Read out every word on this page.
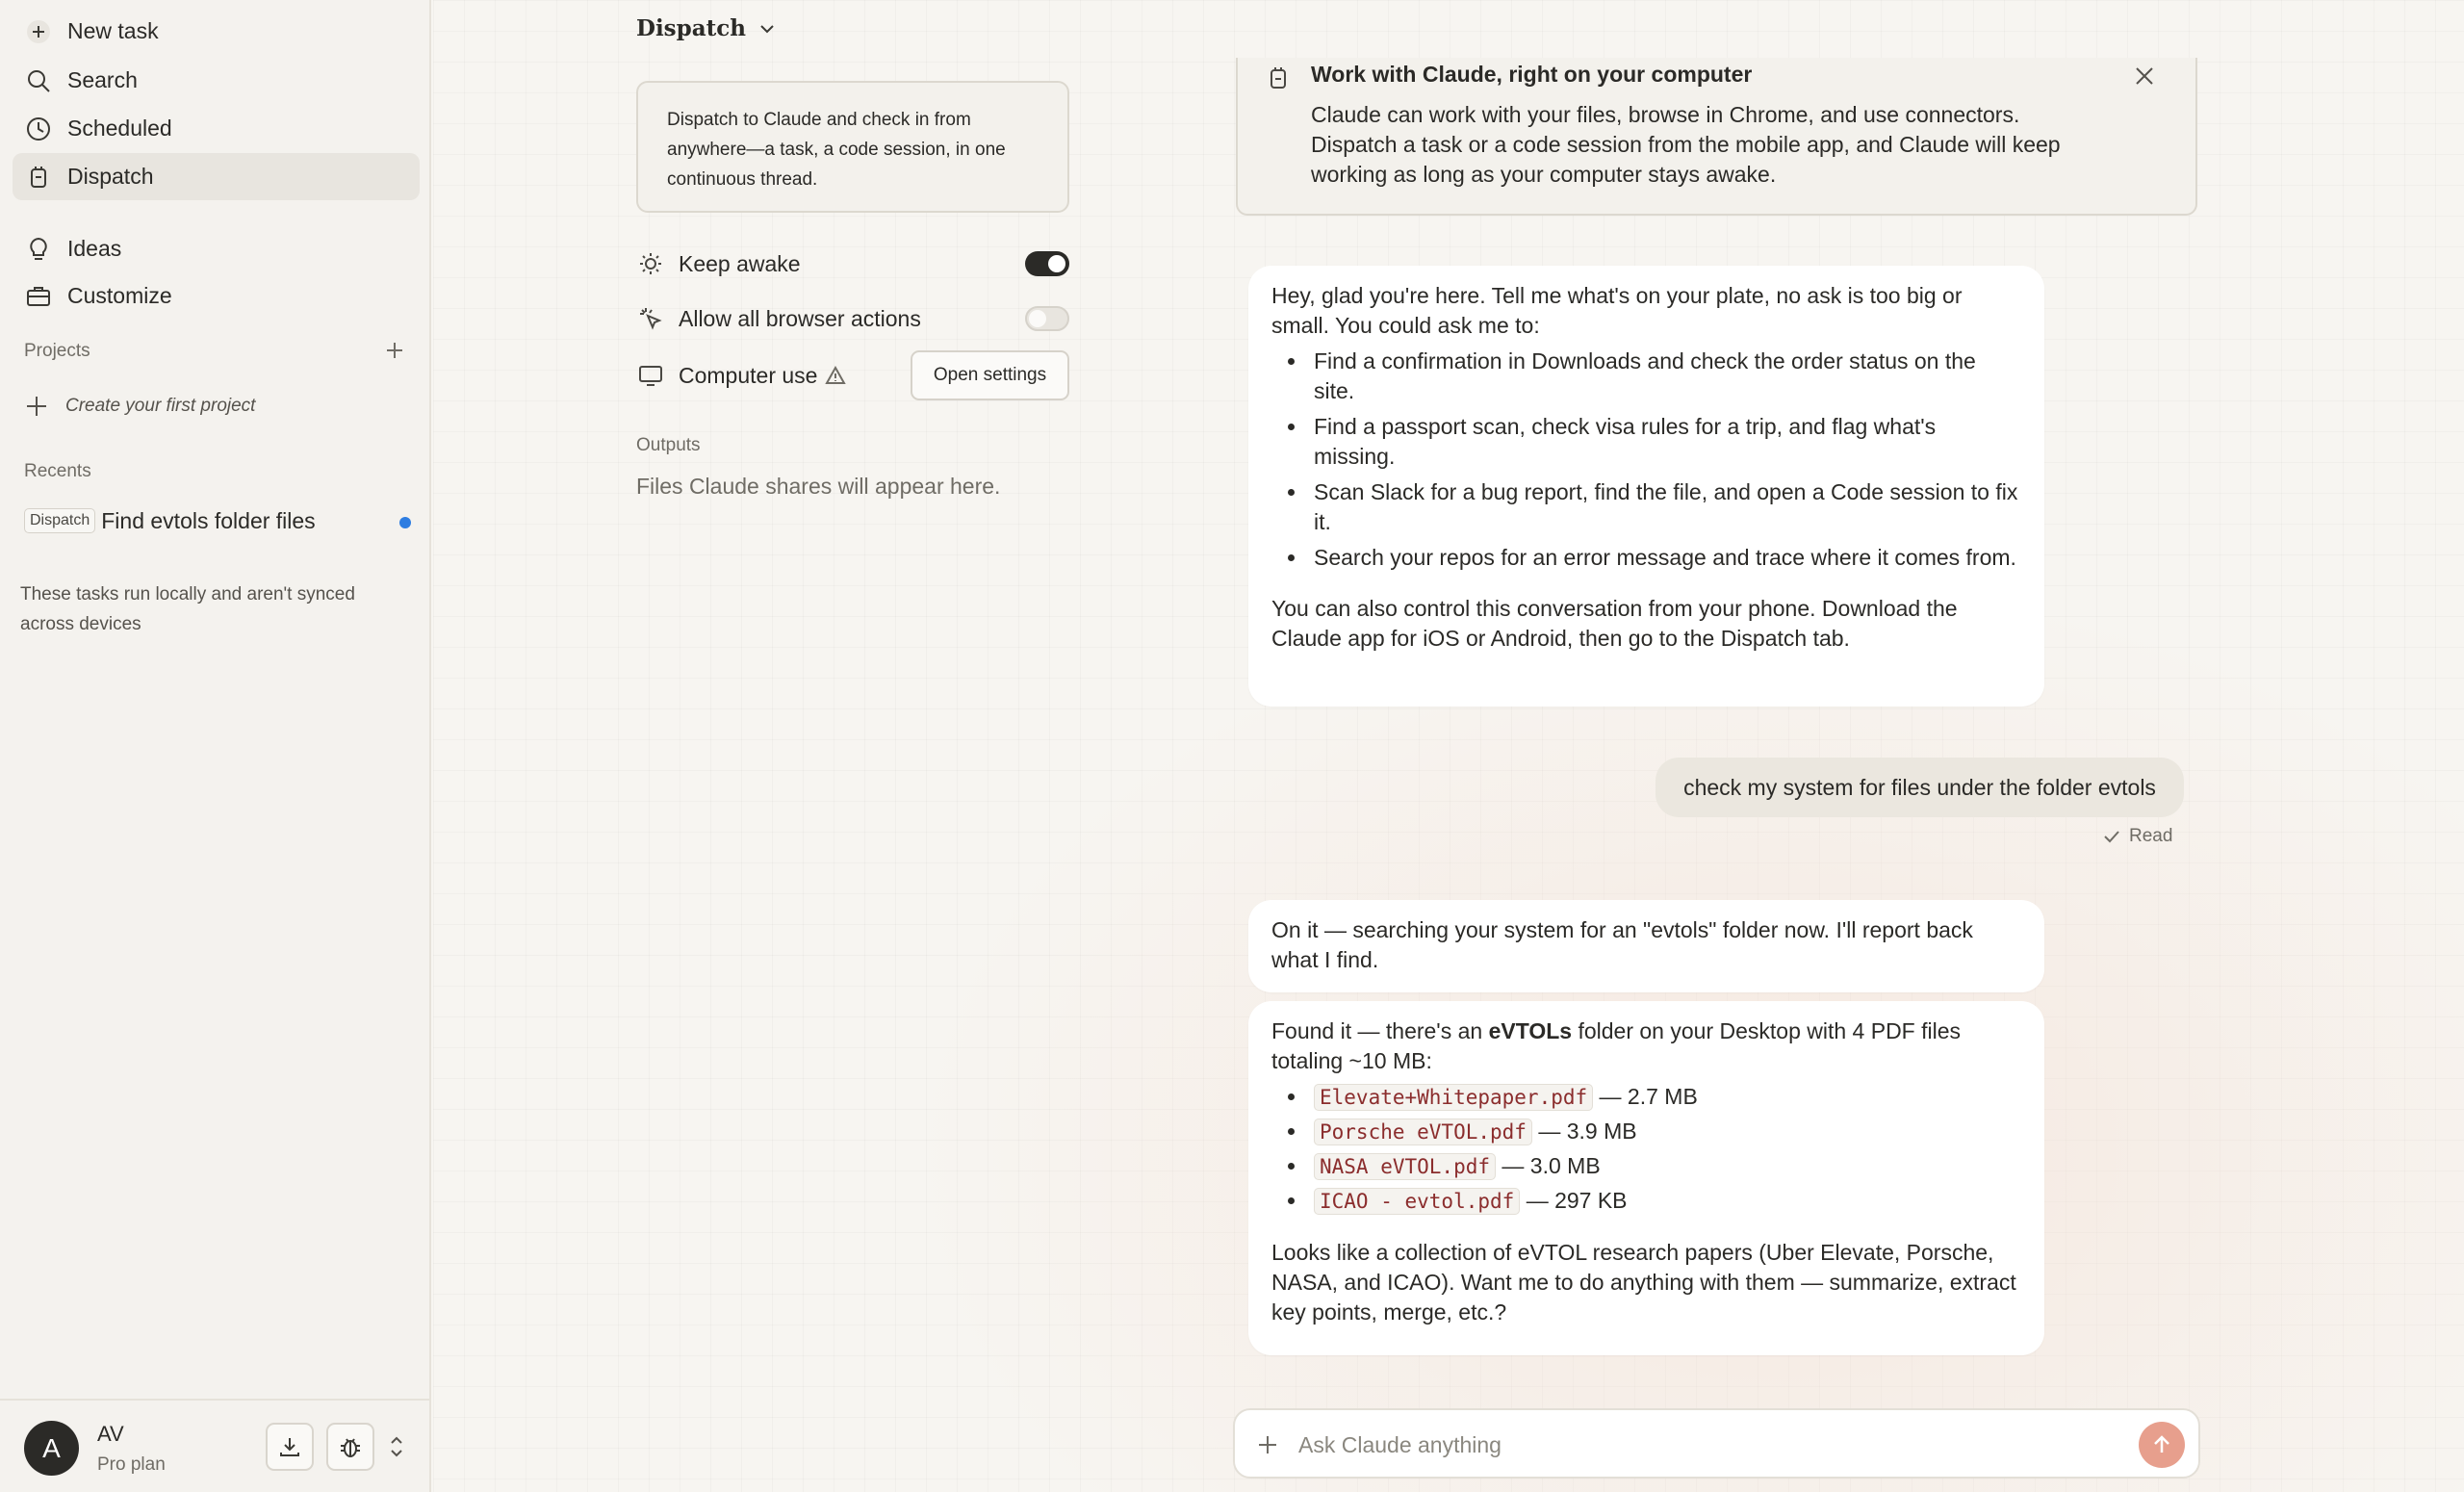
New task
Search
Scheduled
Dispatch
Ideas
Customize
Projects
Create your first project
Recents
Dispatch Find evtols folder files
These tasks run locally and aren't synced across devices
A	AV
Pro plan
Dispatch
Dispatch to Claude and check in from anywhere—a task, a code session, in one continuous thread.
Keep awake
Allow all browser actions
Computer use	Open settings
Outputs
Files Claude shares will appear here.
Work with Claude, right on your computer
Claude can work with your files, browse in Chrome, and use connectors. Dispatch a task or a code session from the mobile app, and Claude will keep working as long as your computer stays awake.

Hey, glad you're here. Tell me what's on your plate, no ask is too big or small. You could ask me to:

• Find a confirmation in Downloads and check the order status on the site.
• Find a passport scan, check visa rules for a trip, and flag what's missing.
• Scan Slack for a bug report, find the file, and open a Code session to fix it.
• Search your repos for an error message and trace where it comes from.

You can also control this conversation from your phone. Download the Claude app for iOS or Android, then go to the Dispatch tab.

check my system for files under the folder evtols
Read

On it — searching your system for an "evtols" folder now. I'll report back what I find.

Found it — there's an eVTOLs folder on your Desktop with 4 PDF files totaling ~10 MB:

• Elevate+Whitepaper.pdf — 2.7 MB
• Porsche eVTOL.pdf — 3.9 MB
• NASA eVTOL.pdf — 3.0 MB
• ICAO - evtol.pdf — 297 KB

Looks like a collection of eVTOL research papers (Uber Elevate, Porsche, NASA, and ICAO). Want me to do anything with them — summarize, extract key points, merge, etc.?

Ask Claude anything
